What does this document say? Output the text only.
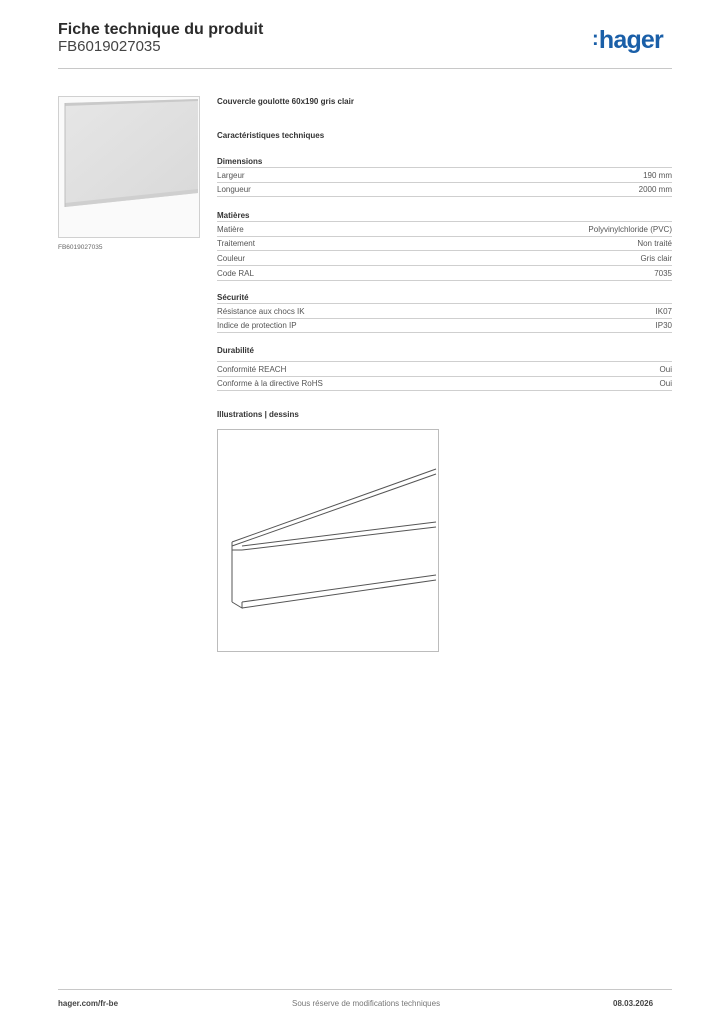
Fiche technique du produit
FB6019027035	:hager
FB6019027035
Couvercle goulotte 60x190 gris clair
Caractéristiques techniques
Dimensions
Largeur	190 mm
Longueur	2000 mm
Matières
Matière	Polyvinylchloride (PVC)
Traitement	Non traité
Couleur	Gris clair
Code RAL	7035
Sécurité
Résistance aux chocs IK	IK07
Indice de protection IP	IP30
Durabilité
Conformité REACH	Oui
Conforme à la directive RoHS	Oui
Illustrations | dessins
hager.com/fr-be	Sous réserve de modifications techniques	08.03.2026
